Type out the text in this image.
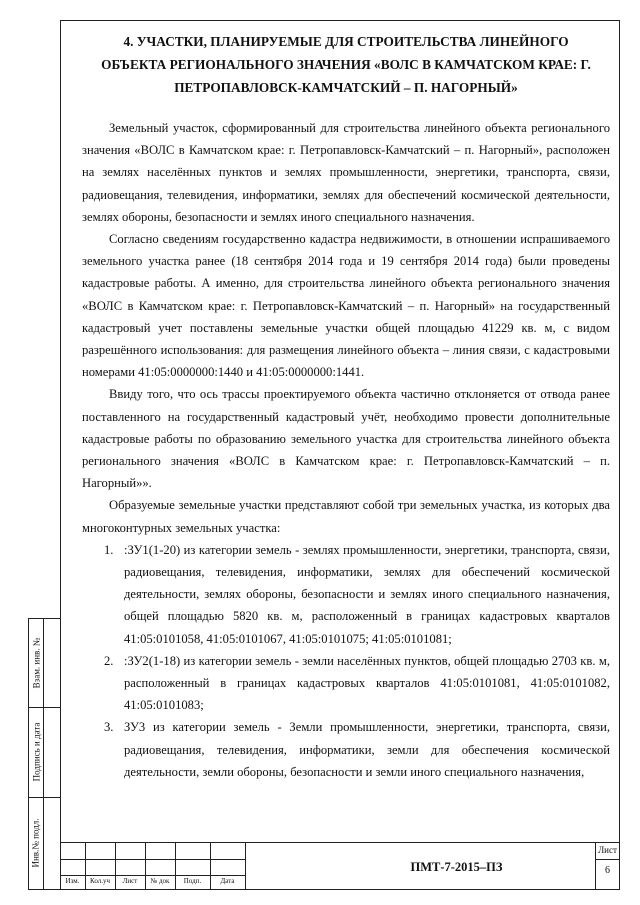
Взам. инв. №
Подпись и дата
Инв.№ подл.
4. УЧАСТКИ, ПЛАНИРУЕМЫЕ ДЛЯ СТРОИТЕЛЬСТВА ЛИНЕЙНОГО ОБЪЕКТА РЕГИОНАЛЬНОГО ЗНАЧЕНИЯ «ВОЛС В КАМЧАТСКОМ КРАЕ: Г. ПЕТРОПАВЛОВСК-КАМЧАТСКИЙ – П. НАГОРНЫЙ»

Земельный участок, сформированный для строительства линейного объекта регионального значения «ВОЛС в Камчатском крае: г. Петропавловск-Камчатский – п. Нагорный», расположен на землях населённых пунктов и землях промышленности, энергетики, транспорта, связи, радиовещания, телевидения, информатики, землях для обеспечений космической деятельности, землях обороны, безопасности и землях иного специального назначения.

Согласно сведениям государственно кадастра недвижимости, в отношении испрашиваемого земельного участка ранее (18 сентября 2014 года и 19 сентября 2014 года) были проведены кадастровые работы. А именно, для строительства линейного объекта регионального значения «ВОЛС в Камчатском крае: г. Петропавловск-Камчатский – п. Нагорный» на государственный кадастровый учет поставлены земельные участки общей площадью 41229 кв. м, с видом разрешённого использования: для размещения линейного объекта – линия связи, с кадастровыми номерами 41:05:0000000:1440 и 41:05:0000000:1441.

Ввиду того, что ось трассы проектируемого объекта частично отклоняется от отвода ранее поставленного на государственный кадастровый учёт, необходимо провести дополнительные кадастровые работы по образованию земельного участка для строительства линейного объекта регионального значения «ВОЛС в Камчатском крае: г. Петропавловск-Камчатский – п. Нагорный»».

Образуемые земельные участки представляют собой три земельных участка, из которых два многоконтурных земельных участка:

1. :ЗУ1(1-20) из категории земель - землях промышленности, энергетики, транспорта, связи, радиовещания, телевидения, информатики, землях для обеспечений космической деятельности, землях обороны, безопасности и землях иного специального назначения, общей площадью 5820 кв. м, расположенный в границах кадастровых кварталов 41:05:0101058, 41:05:0101067, 41:05:0101075; 41:05:0101081;
2. :ЗУ2(1-18) из категории земель - земли населённых пунктов, общей площадью 2703 кв. м, расположенный в границах кадастровых кварталов 41:05:0101081, 41:05:0101082, 41:05:0101083;
3. ЗУ3 из категории земель - Земли промышленности, энергетики, транспорта, связи, радиовещания, телевидения, информатики, земли для обеспечения космической деятельности, земли обороны, безопасности и земли иного специального назначения,
Изм.	Кол.уч	Лист	№ док	Подп.	Дата
ПМТ-7-2015–ПЗ
Лист
6
